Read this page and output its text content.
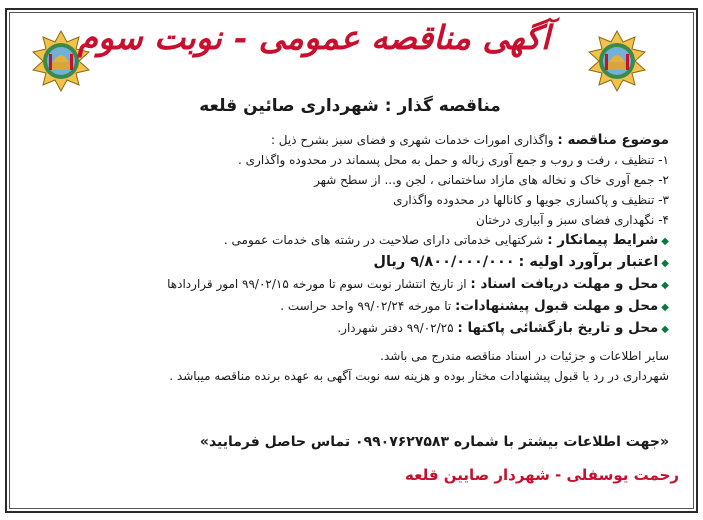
آگهی مناقصه عمومی - نوبت سوم
مناقصه گذار : شهرداری صائین قلعه
موضوع مناقصه : واگذاری امورات خدمات شهری و فضای سبز بشرح ذیل :
۱- تنظیف ، رفت و روب و جمع آوری زباله و حمل به محل پسماند در محدوده واگذاری .
۲- جمع آوری خاک و نخاله های مازاد ساختمانی ، لجن و... از سطح شهر
۳- تنظیف و پاکسازی جویها و کانالها در محدوده واگذاری
۴- نگهداری فضای سبز و آبیاری درختان
◆شرایط پیمانکار : شرکتهایی خدماتی دارای صلاحیت در رشته های خدمات عمومی .
◆اعتبار برآورد اولیه : ۹/۸۰۰/۰۰۰/۰۰۰ ریال
◆محل و مهلت دریافت اسناد : از تاریخ انتشار نوبت سوم تا مورخه ۹۹/۰۲/۱۵ امور قراردادها
◆محل و مهلت قبول پیشنهادات: تا مورخه ۹۹/۰۲/۲۴ واحد حراست .
◆محل و تاریخ بازگشائی پاکتها : ۹۹/۰۲/۲۵ دفتر شهردار.
سایر اطلاعات و جزئیات در اسناد مناقصه مندرج می باشد.
شهرداری در رد یا قبول پیشنهادات مختار بوده و هزینه سه نوبت آگهی به عهده برنده مناقصه میباشد .
«جهت اطلاعات بیشتر با شماره ۰۹۹۰۷۶۲۷۵۸۳ تماس حاصل فرمایید»
رحمت یوسفلی - شهردار صایین قلعه
